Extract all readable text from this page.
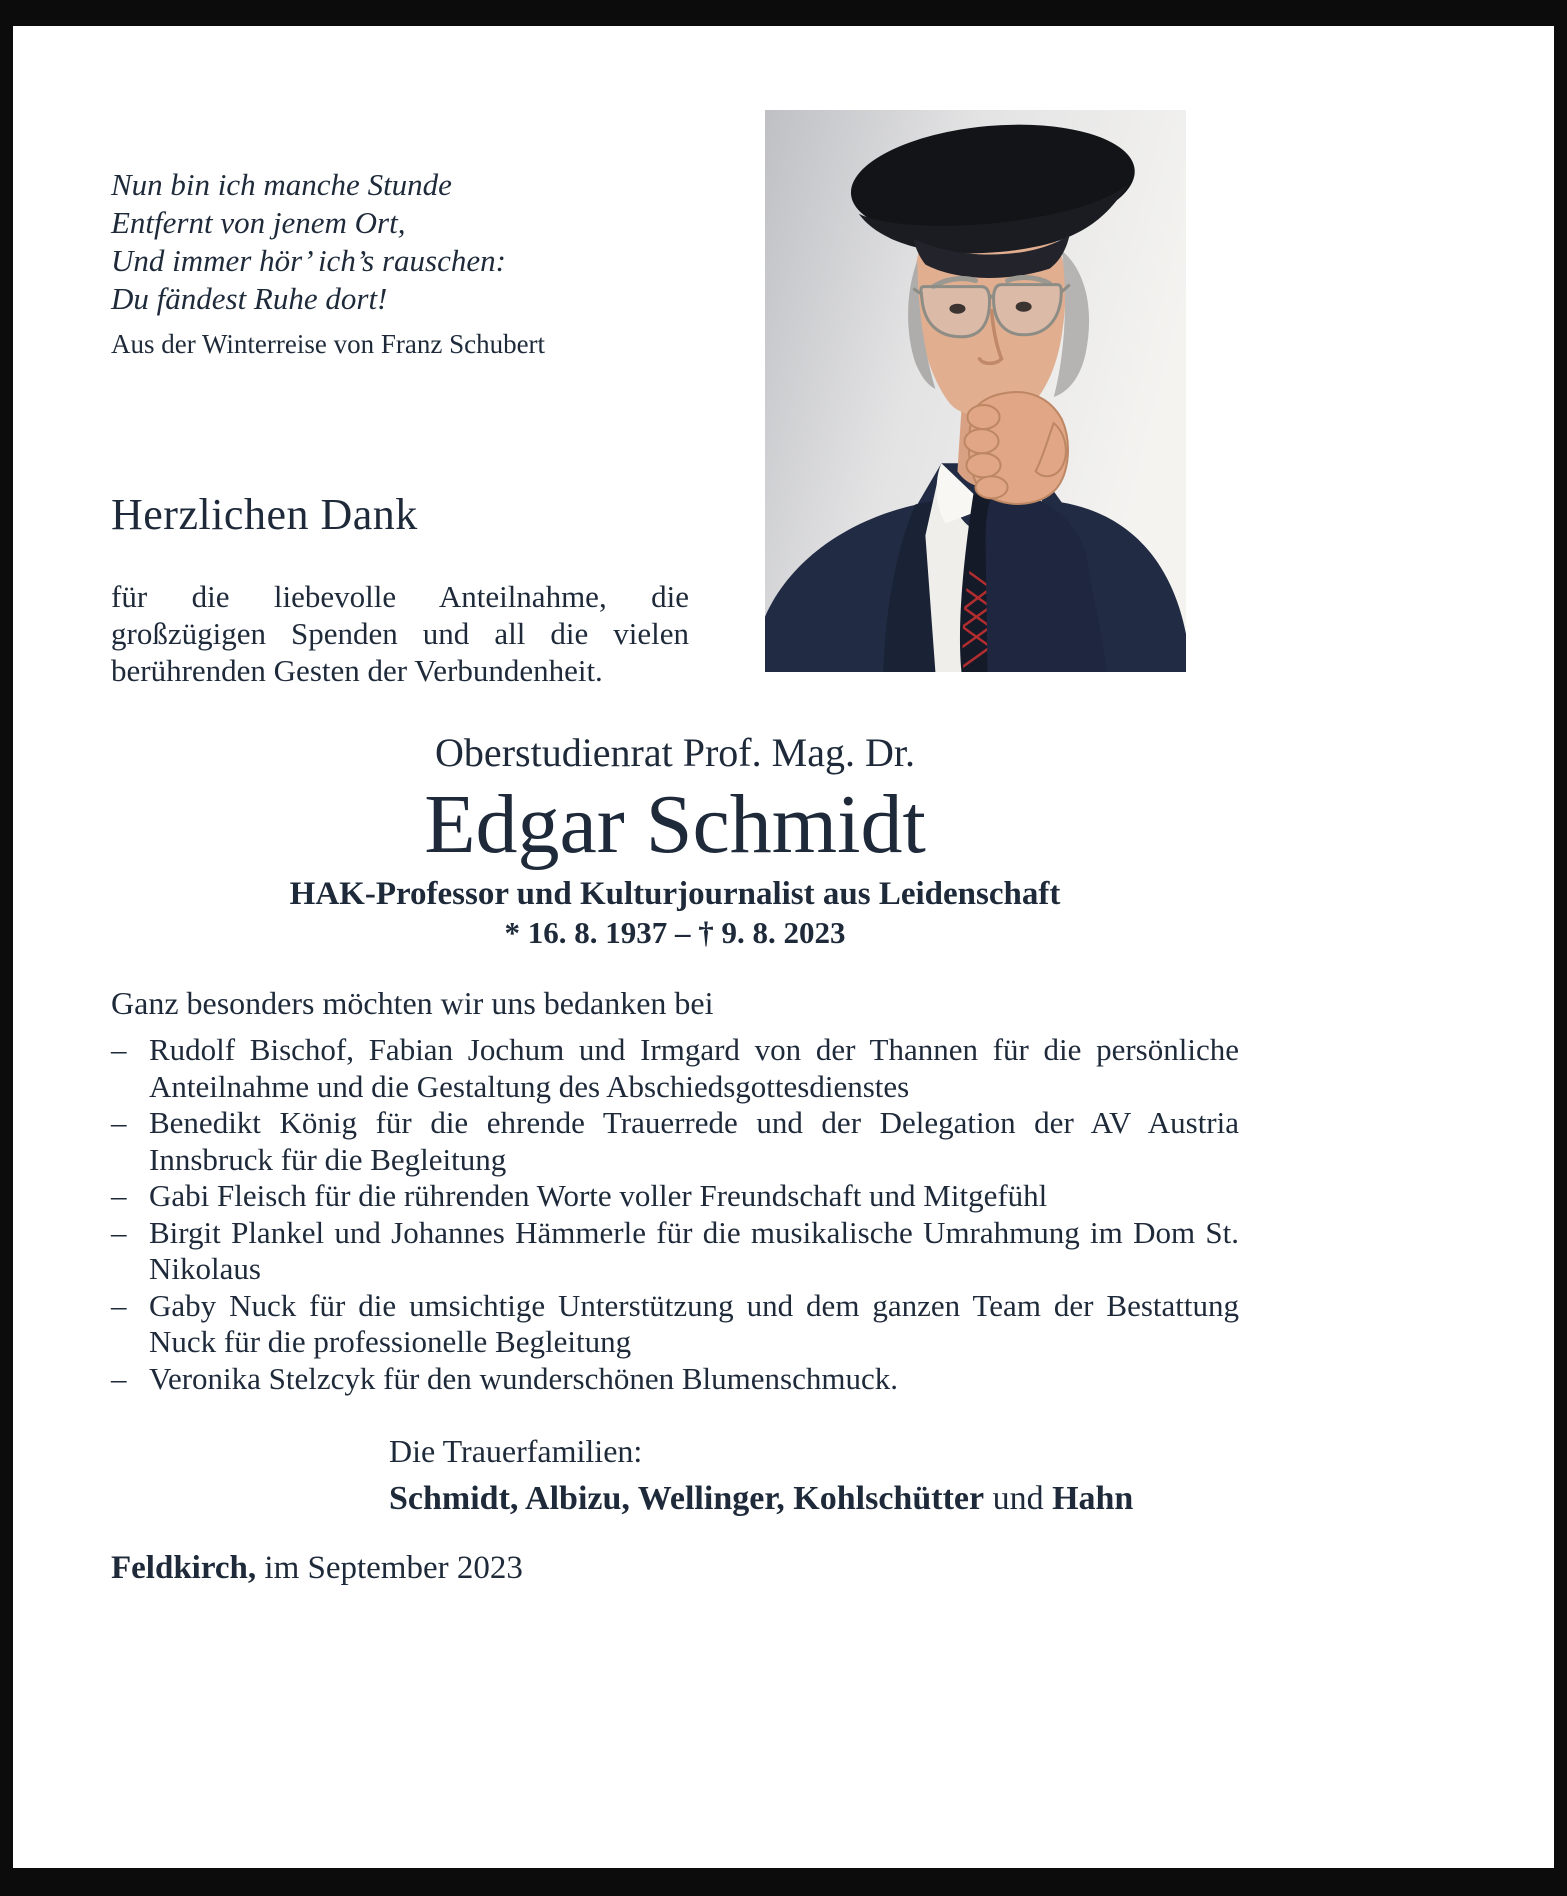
Nun bin ich manche Stunde

Entfernt von jenem Ort,

Und immer hör’ ich’s rauschen:

Du fändest Ruhe dort!

Aus der Winterreise von Franz Schubert

Herzlichen Dank

für die liebevolle Anteilnahme, die großzügigen Spenden und all die vielen berührenden Gesten der Verbundenheit.

Oberstudienrat Prof. Mag. Dr.

Edgar Schmidt

HAK-Professor und Kulturjournalist aus Leidenschaft

* 16. 8. 1937 – † 9. 8. 2023

Ganz besonders möchten wir uns bedanken bei

– Rudolf Bischof, Fabian Jochum und Irmgard von der Thannen für die persönliche Anteilnahme und die Gestaltung des Abschiedsgottesdienstes
– Benedikt König für die ehrende Trauerrede und der Delegation der AV Austria Innsbruck für die Begleitung
– Gabi Fleisch für die rührenden Worte voller Freundschaft und Mitgefühl
– Birgit Plankel und Johannes Hämmerle für die musikalische Umrahmung im Dom St. Nikolaus
– Gaby Nuck für die umsichtige Unterstützung und dem ganzen Team der Bestattung Nuck für die professionelle Begleitung
– Veronika Stelzcyk für den wunderschönen Blumenschmuck.

Die Trauerfamilien:

Schmidt, Albizu, Wellinger, Kohlschütter und Hahn

Feldkirch, im September 2023
